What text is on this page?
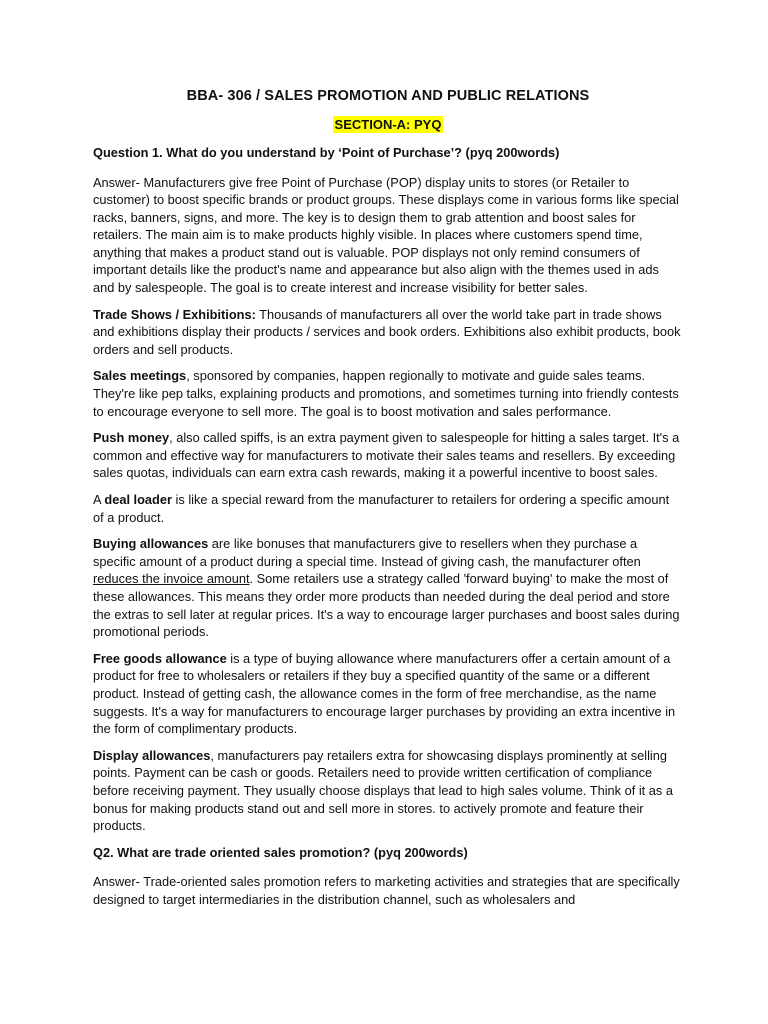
BBA- 306 / SALES PROMOTION AND PUBLIC RELATIONS
SECTION-A: PYQ
Question 1. What do you understand by ‘Point of Purchase’? (pyq 200words)

Answer- Manufacturers give free Point of Purchase (POP) display units to stores (or Retailer to customer) to boost specific brands or product groups. These displays come in various forms like special racks, banners, signs, and more. The key is to design them to grab attention and boost sales for retailers. The main aim is to make products highly visible. In places where customers spend time, anything that makes a product stand out is valuable. POP displays not only remind consumers of important details like the product's name and appearance but also align with the themes used in ads and by salespeople. The goal is to create interest and increase visibility for better sales.

Trade Shows / Exhibitions: Thousands of manufacturers all over the world take part in trade shows and exhibitions display their products / services and book orders. Exhibitions also exhibit products, book orders and sell products.

Sales meetings, sponsored by companies, happen regionally to motivate and guide sales teams. They're like pep talks, explaining products and promotions, and sometimes turning into friendly contests to encourage everyone to sell more. The goal is to boost motivation and sales performance.

Push money, also called spiffs, is an extra payment given to salespeople for hitting a sales target. It's a common and effective way for manufacturers to motivate their sales teams and resellers. By exceeding sales quotas, individuals can earn extra cash rewards, making it a powerful incentive to boost sales.

A deal loader is like a special reward from the manufacturer to retailers for ordering a specific amount of a product.

Buying allowances are like bonuses that manufacturers give to resellers when they purchase a specific amount of a product during a special time. Instead of giving cash, the manufacturer often reduces the invoice amount. Some retailers use a strategy called 'forward buying' to make the most of these allowances. This means they order more products than needed during the deal period and store the extras to sell later at regular prices. It's a way to encourage larger purchases and boost sales during promotional periods.

Free goods allowance is a type of buying allowance where manufacturers offer a certain amount of a product for free to wholesalers or retailers if they buy a specified quantity of the same or a different product. Instead of getting cash, the allowance comes in the form of free merchandise, as the name suggests. It's a way for manufacturers to encourage larger purchases by providing an extra incentive in the form of complimentary products.

Display allowances, manufacturers pay retailers extra for showcasing displays prominently at selling points. Payment can be cash or goods. Retailers need to provide written certification of compliance before receiving payment. They usually choose displays that lead to high sales volume. Think of it as a bonus for making products stand out and sell more in stores. to actively promote and feature their products.

Q2. What are trade oriented sales promotion? (pyq 200words)

Answer- Trade-oriented sales promotion refers to marketing activities and strategies that are specifically designed to target intermediaries in the distribution channel, such as wholesalers and
